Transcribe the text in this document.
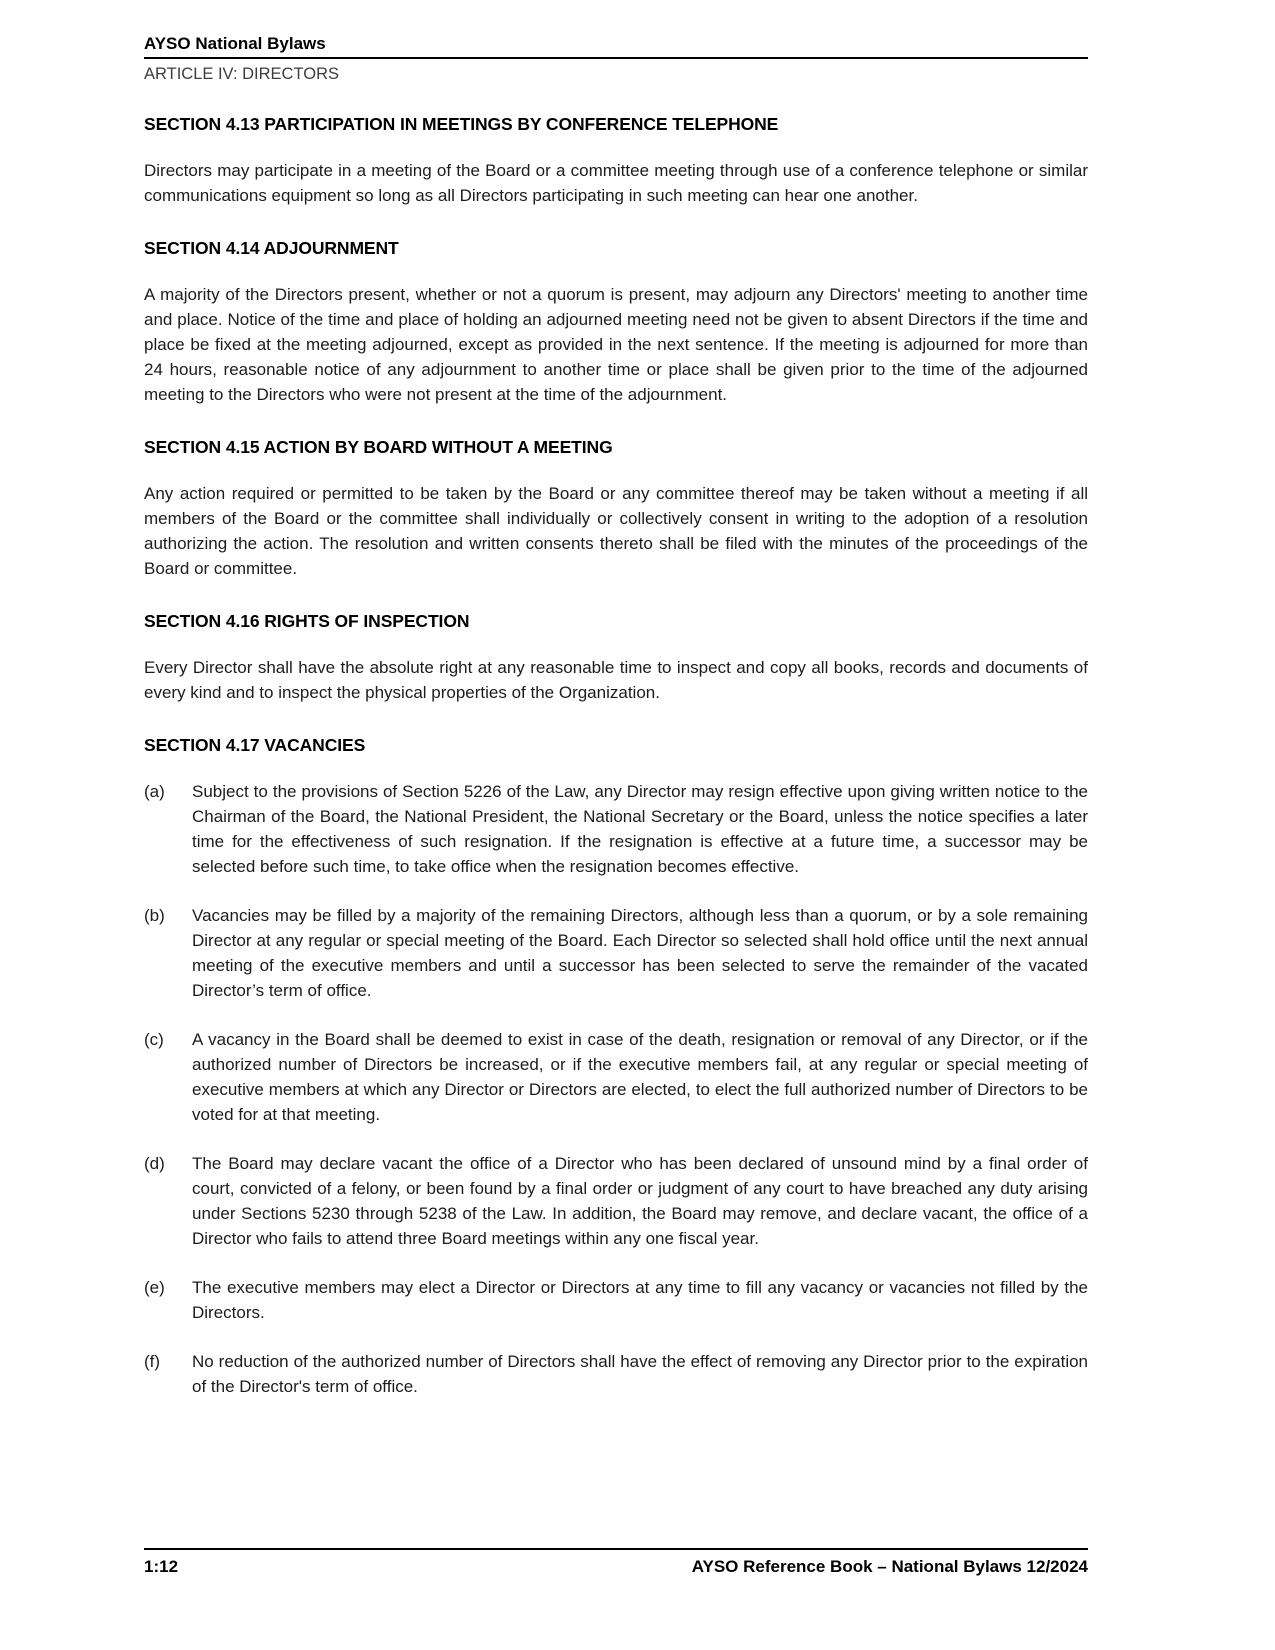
AYSO National Bylaws
ARTICLE IV: DIRECTORS
SECTION 4.13 PARTICIPATION IN MEETINGS BY CONFERENCE TELEPHONE

Directors may participate in a meeting of the Board or a committee meeting through use of a conference telephone or similar communications equipment so long as all Directors participating in such meeting can hear one another.

SECTION 4.14 ADJOURNMENT

A majority of the Directors present, whether or not a quorum is present, may adjourn any Directors' meeting to another time and place. Notice of the time and place of holding an adjourned meeting need not be given to absent Directors if the time and place be fixed at the meeting adjourned, except as provided in the next sentence. If the meeting is adjourned for more than 24 hours, reasonable notice of any adjournment to another time or place shall be given prior to the time of the adjourned meeting to the Directors who were not present at the time of the adjournment.

SECTION 4.15 ACTION BY BOARD WITHOUT A MEETING

Any action required or permitted to be taken by the Board or any committee thereof may be taken without a meeting if all members of the Board or the committee shall individually or collectively consent in writing to the adoption of a resolution authorizing the action. The resolution and written consents thereto shall be filed with the minutes of the proceedings of the Board or committee.

SECTION 4.16 RIGHTS OF INSPECTION

Every Director shall have the absolute right at any reasonable time to inspect and copy all books, records and documents of every kind and to inspect the physical properties of the Organization.

SECTION 4.17 VACANCIES
(a)	Subject to the provisions of Section 5226 of the Law, any Director may resign effective upon giving written notice to the Chairman of the Board, the National President, the National Secretary or the Board, unless the notice specifies a later time for the effectiveness of such resignation. If the resignation is effective at a future time, a successor may be selected before such time, to take office when the resignation becomes effective.
(b)	Vacancies may be filled by a majority of the remaining Directors, although less than a quorum, or by a sole remaining Director at any regular or special meeting of the Board. Each Director so selected shall hold office until the next annual meeting of the executive members and until a successor has been selected to serve the remainder of the vacated Director’s term of office.
(c)	A vacancy in the Board shall be deemed to exist in case of the death, resignation or removal of any Director, or if the authorized number of Directors be increased, or if the executive members fail, at any regular or special meeting of executive members at which any Director or Directors are elected, to elect the full authorized number of Directors to be voted for at that meeting.
(d)	The Board may declare vacant the office of a Director who has been declared of unsound mind by a final order of court, convicted of a felony, or been found by a final order or judgment of any court to have breached any duty arising under Sections 5230 through 5238 of the Law. In addition, the Board may remove, and declare vacant, the office of a Director who fails to attend three Board meetings within any one fiscal year.
(e)	The executive members may elect a Director or Directors at any time to fill any vacancy or vacancies not filled by the Directors.
(f)	No reduction of the authorized number of Directors shall have the effect of removing any Director prior to the expiration of the Director's term of office.
1:12	AYSO Reference Book – National Bylaws 12/2024
